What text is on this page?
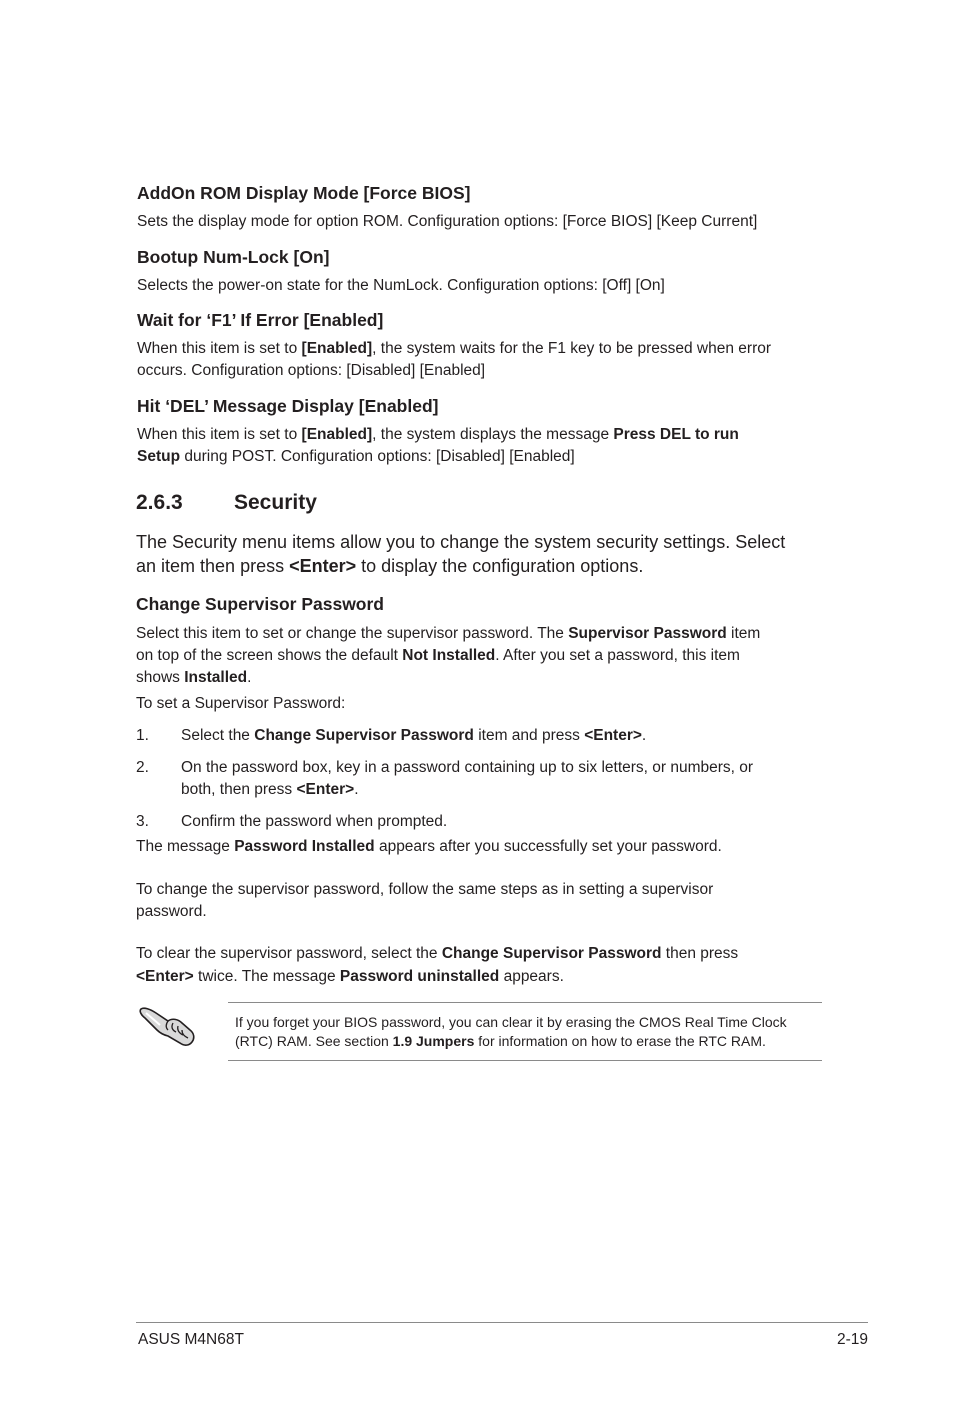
AddOn ROM Display Mode [Force BIOS]
Sets the display mode for option ROM. Configuration options: [Force BIOS] [Keep Current]
Bootup Num-Lock [On]
Selects the power-on state for the NumLock. Configuration options: [Off] [On]
Wait for ‘F1’ If Error [Enabled]
When this item is set to [Enabled], the system waits for the F1 key to be pressed when error
occurs. Configuration options: [Disabled] [Enabled]
Hit ‘DEL’ Message Display [Enabled]
When this item is set to [Enabled], the system displays the message Press DEL to run
Setup during POST. Configuration options: [Disabled] [Enabled]
2.6.3 Security
The Security menu items allow you to change the system security settings. Select
an item then press <Enter> to display the configuration options.
Change Supervisor Password
Select this item to set or change the supervisor password. The Supervisor Password item
on top of the screen shows the default Not Installed. After you set a password, this item
shows Installed.
To set a Supervisor Password:
1. Select the Change Supervisor Password item and press <Enter>.
2. On the password box, key in a password containing up to six letters, or numbers, or
both, then press <Enter>.
3. Confirm the password when prompted.
The message Password Installed appears after you successfully set your password.
To change the supervisor password, follow the same steps as in setting a supervisor
password.
To clear the supervisor password, select the Change Supervisor Password then press
<Enter> twice. The message Password uninstalled appears.
If you forget your BIOS password, you can clear it by erasing the CMOS Real Time Clock
(RTC) RAM. See section 1.9 Jumpers for information on how to erase the RTC RAM.
ASUS M4N68T	2-19
